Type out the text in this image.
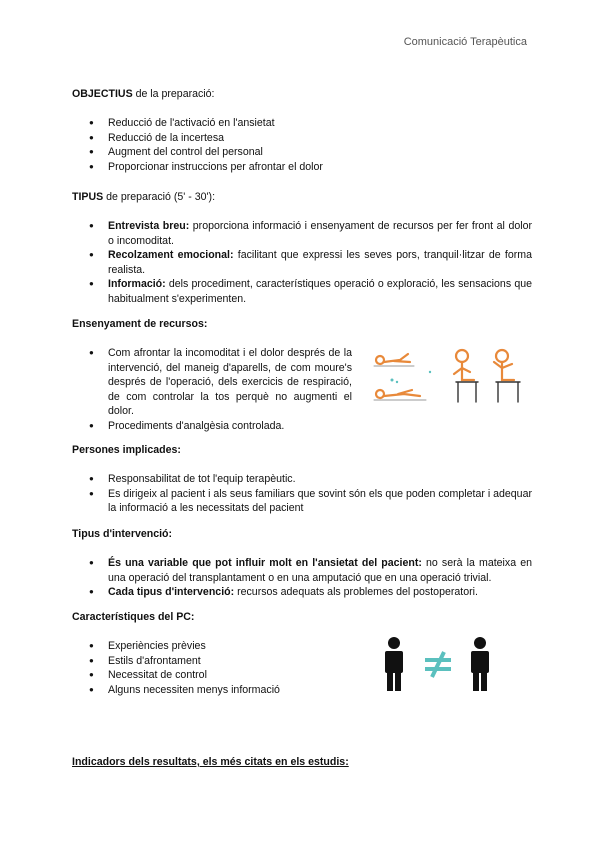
Comunicació Terapèutica

OBJECTIUS de la preparació:

● Reducció de l'activació en l'ansietat
● Reducció de la incertesa
● Augment del control del personal
● Proporcionar instruccions per afrontar el dolor

TIPUS de preparació (5' - 30'):

● Entrevista breu: proporciona informació i ensenyament de recursos per fer front al dolor o incomoditat.
● Recolzament emocional: facilitant que expressi les seves pors, tranquil·litzar de forma realista.
● Informació: dels procediment, característiques operació o exploració, les sensacions que habitualment s'experimenten.

Ensenyament de recursos:

● Com afrontar la incomoditat i el dolor després de la intervenció, del maneig d'aparells, de com moure's després de l'operació, dels exercicis de respiració, de com controlar la tos perquè no augmenti el dolor.
● Procediments d'analgèsia controlada.

Persones implicades:

● Responsabilitat de tot l'equip terapèutic.
● Es dirigeix al pacient i als seus familiars que sovint són els que poden completar i adequar la informació a les necessitats del pacient

Tipus d'intervenció:

● És una variable que pot influir molt en l'ansietat del pacient: no serà la mateixa en una operació del transplantament o en una amputació que en una operació trivial.
● Cada tipus d'intervenció: recursos adequats als problemes del postoperatori.

Característiques del PC:

● Experiències prèvies
● Estils d'afrontament
● Necessitat de control
● Alguns necessiten menys informació

Indicadors dels resultats, els més citats en els estudis:
